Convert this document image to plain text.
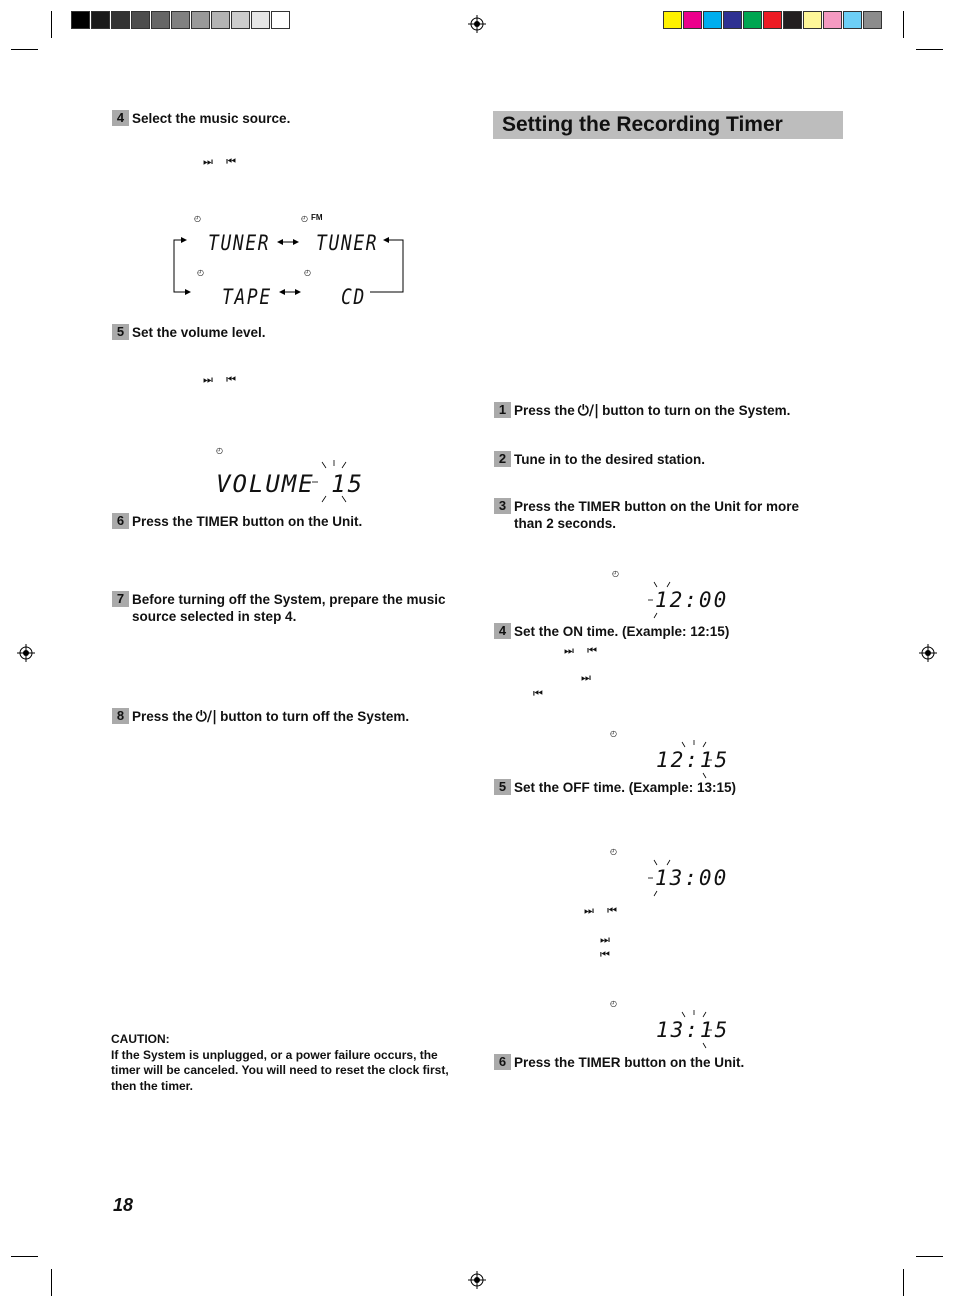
4 Select the music source.
⏭ ⏮
◴	◴ FM
◴	◴
TUNER TUNER
TAPE	CD
5 Set the volume level.
⏭ ⏮
◴
VOLUME 15
6 Press the TIMER button on the Unit.
7 Before turning off the System, prepare the music source selected in step 4.
8 Press the ⏻/| button to turn off the System.
CAUTION:
If the System is unplugged, or a power failure occurs, the timer will be canceled. You will need to reset the clock first, then the timer.
18
Setting the Recording Timer
1 Press the ⏻/| button to turn on the System.
2 Tune in to the desired station.
3 Press the TIMER button on the Unit for more than 2 seconds.
◴
12:00
4 Set the ON time. (Example: 12:15)
⏭ ⏮
⏭
⏮
◴
12:15
5 Set the OFF time. (Example: 13:15)
◴
13:00
⏭ ⏮
⏭
⏮
◴
13:15
6 Press the TIMER button on the Unit.
